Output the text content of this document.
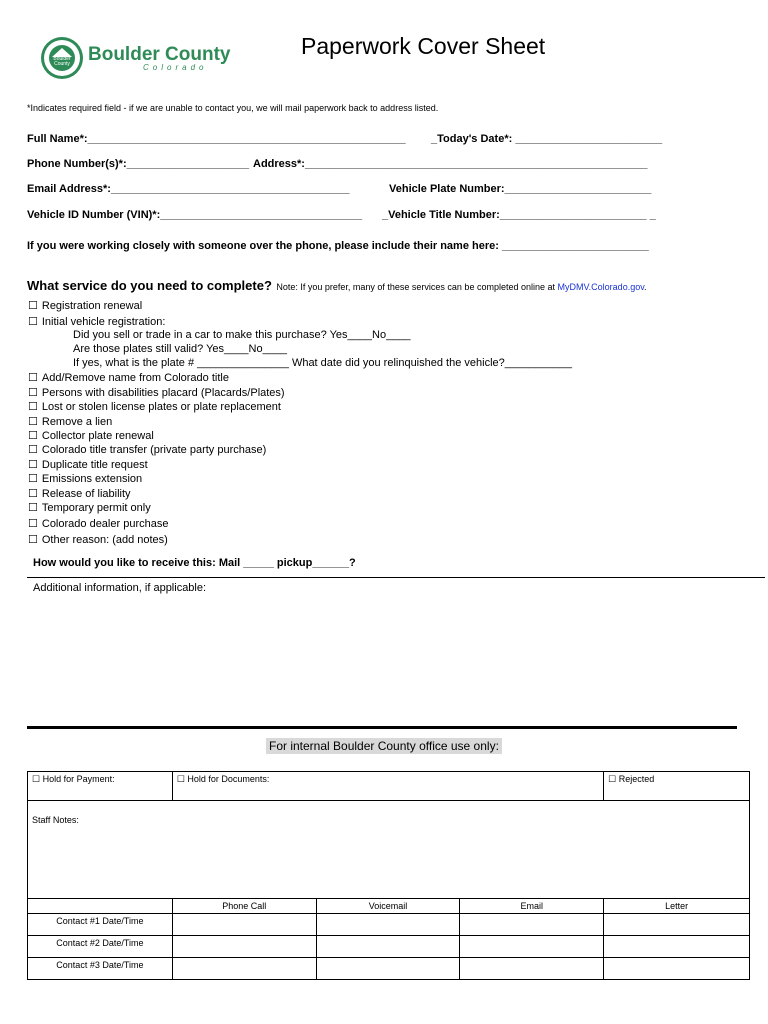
Boulder
County Boulder County
Colorado
Paperwork Cover Sheet
*Indicates required field - if we are unable to contact you, we will mail paperwork back to address listed.
Full Name*:____________________________________________________ _Today's Date*: ________________________
Phone Number(s)*:____________________ Address*:________________________________________________________
Email Address*:_______________________________________	Vehicle Plate Number:________________________
Vehicle ID Number (VIN)*:_________________________________ _Vehicle Title Number:________________________ _
If you were working closely with someone over the phone, please include their name here: ________________________
What service do you need to complete? Note: If you prefer, many of these services can be completed online at MyDMV.Colorado.gov.
☐ Registration renewal
☐ Initial vehicle registration:
Did you sell or trade in a car to make this purchase? Yes____No____
Are those plates still valid? Yes____No____
If yes, what is the plate # _______________ What date did you relinquished the vehicle?___________
☐ Add/Remove name from Colorado title
☐ Persons with disabilities placard (Placards/Plates)
☐ Lost or stolen license plates or plate replacement
☐ Remove a lien
☐ Collector plate renewal
☐ Colorado title transfer (private party purchase)
☐ Duplicate title request
☐ Emissions extension
☐ Release of liability
☐ Temporary permit only
☐ Colorado dealer purchase
☐ Other reason: (add notes)
How would you like to receive this: Mail _____ pickup______?
Additional information, if applicable:
For internal Boulder County office use only:
☐ Hold for Payment:	☐ Hold for Documents:			☐ Rejected
Staff Notes:				
	Phone Call	Voicemail	Email	Letter
Contact #1 Date/Time				
Contact #2 Date/Time				
Contact #3 Date/Time				
